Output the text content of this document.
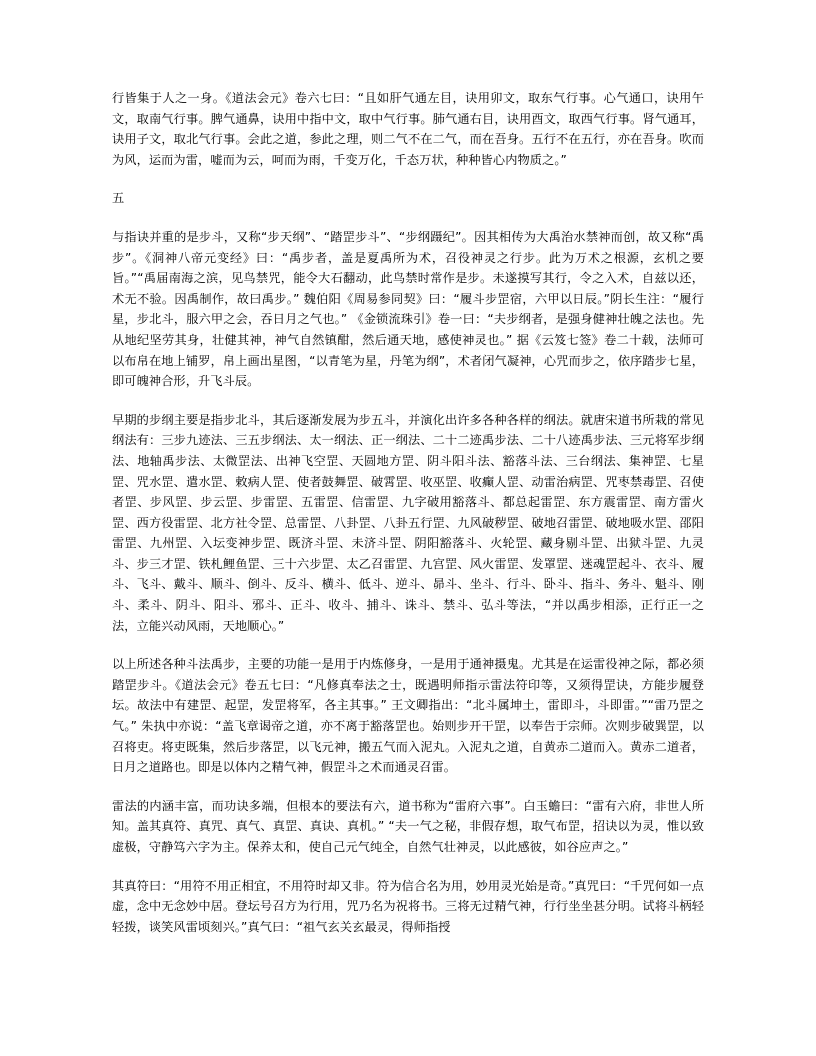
行皆集于人之一身。《道法会元》卷六七曰：“且如肝气通左目，诀用卯文，取东气行事。心气通口，诀用午文，取南气行事。脾气通鼻，诀用中指中文，取中气行事。肺气通右目，诀用酉文，取西气行事。肾气通耳，诀用子文，取北气行事。会此之道，参此之理，则二气不在二气，而在吾身。五行不在五行，亦在吾身。吹而为风，运而为雷，嘘而为云，呵而为雨，千变万化，千态万状，种种皆心内物质之。”
五
与指诀并重的是步斗，又称“步天纲”、“踏罡步斗”、“步纲蹑纪”。因其相传为大禹治水禁神而创，故又称“禹步”。《洞神八帝元变经》曰：“禹步者，盖是夏禹所为术，召役神灵之行步。此为万术之根源，玄机之要旨。”“禹届南海之滨，见鸟禁咒，能令大石翻动，此鸟禁时常作是步。未遂摸写其行，令之入术，自兹以还，术无不验。因禹制作，故曰禹步。” 魏伯阳《周易参同契》曰：“履斗步罡宿，六甲以日辰。”阴长生注：“履行星，步北斗，服六甲之会，吞日月之气也。” 《金锁流珠引》卷一曰：“夫步纲者，是强身健神壮魄之法也。先从地纪坚劳其身，壮健其神，神气自然镇酣，然后通天地，感使神灵也。” 据《云笈七签》卷二十载，法师可以布帛在地上铺罗，帛上画出星图，“以青笔为星，丹笔为纲”，术者闭气凝神，心咒而步之，依序踏步七星，即可魄神合形，升飞斗辰。
早期的步纲主要是指步北斗，其后逐渐发展为步五斗，并演化出许多各种各样的纲法。就唐宋道书所栽的常见纲法有：三步九迹法、三五步纲法、太一纲法、正一纲法、二十二迹禹步法、二十八迹禹步法、三元将军步纲法、地轴禹步法、太微罡法、出神飞空罡、天圆地方罡、阴斗阳斗法、豁落斗法、三台纲法、集神罡、七星罡、咒水罡、遣水罡、敕病人罡、使者鼓舞罡、破霄罡、收巫罡、收癫人罡、动雷治病罡、咒枣禁毒罡、召使者罡、步风罡、步云罡、步雷罡、五雷罡、信雷罡、九字破用豁落斗、都总起雷罡、东方震雷罡、南方雷火罡、西方役雷罡、北方社令罡、总雷罡、八卦罡、八卦五行罡、九风破秽罡、破地召雷罡、破地吸水罡、邵阳雷罡、九州罡、入坛变神步罡、既济斗罡、未济斗罡、阴阳豁落斗、火轮罡、藏身剔斗罡、出狱斗罡、九灵斗、步三才罡、铁札鲤鱼罡、三十六步罡、太乙召雷罡、九宫罡、风火雷罡、发罩罡、迷魂罡起斗、衣斗、履斗、飞斗、戴斗、顺斗、倒斗、反斗、横斗、低斗、逆斗、昴斗、坐斗、行斗、卧斗、指斗、务斗、魁斗、刚斗、柔斗、阴斗、阳斗、邪斗、正斗、收斗、捕斗、诛斗、禁斗、弘斗等法，“并以禹步相添，正行正一之法，立能兴动风雨，天地顺心。”
以上所述各种斗法禹步，主要的功能一是用于内炼修身，一是用于通神摄鬼。尤其是在运雷役神之际，都必须踏罡步斗。《道法会元》卷五七曰：“凡修真奉法之士，既遇明师指示雷法符印等，又须得罡诀，方能步履登坛。故法中有建罡、起罡，发罡将军，各主其事。” 王文卿指出：“北斗属坤土，雷即斗，斗即雷。”“雷乃罡之气。” 朱执中亦说：“盖飞章谒帝之道，亦不离于豁落罡也。始则步开干罡，以奉告于宗师。次则步破巽罡，以召将吏。将吏既集，然后步落罡，以飞元神，搬五气而入泥丸。入泥丸之道，自黄赤二道而入。黄赤二道者，日月之道路也。即是以体内之精气神，假罡斗之术而通灵召雷。
雷法的内涵丰富，而功诀多端，但根本的要法有六，道书称为“雷府六事”。白玉蟾曰：“雷有六府，非世人所知。盖其真符、真咒、真气、真罡、真诀、真机。” “夫一气之秘，非假存想，取气布罡，招诀以为灵，惟以致虚极，守静笃六字为主。保养太和，使自己元气纯全，自然气壮神灵，以此感彼，如谷应声之。”
其真符曰：“用符不用正相宜，不用符时却又非。符为信合名为用，妙用灵光始是奇。”真咒曰：“千咒何如一点虚，念中无念妙中居。登坛号召方为行用，咒乃名为祝将书。三将无过精气神，行行坐坐甚分明。试将斗柄轻轻拨，谈笑风雷顷刻兴。”真气曰：“祖气玄关玄最灵，得师指授
